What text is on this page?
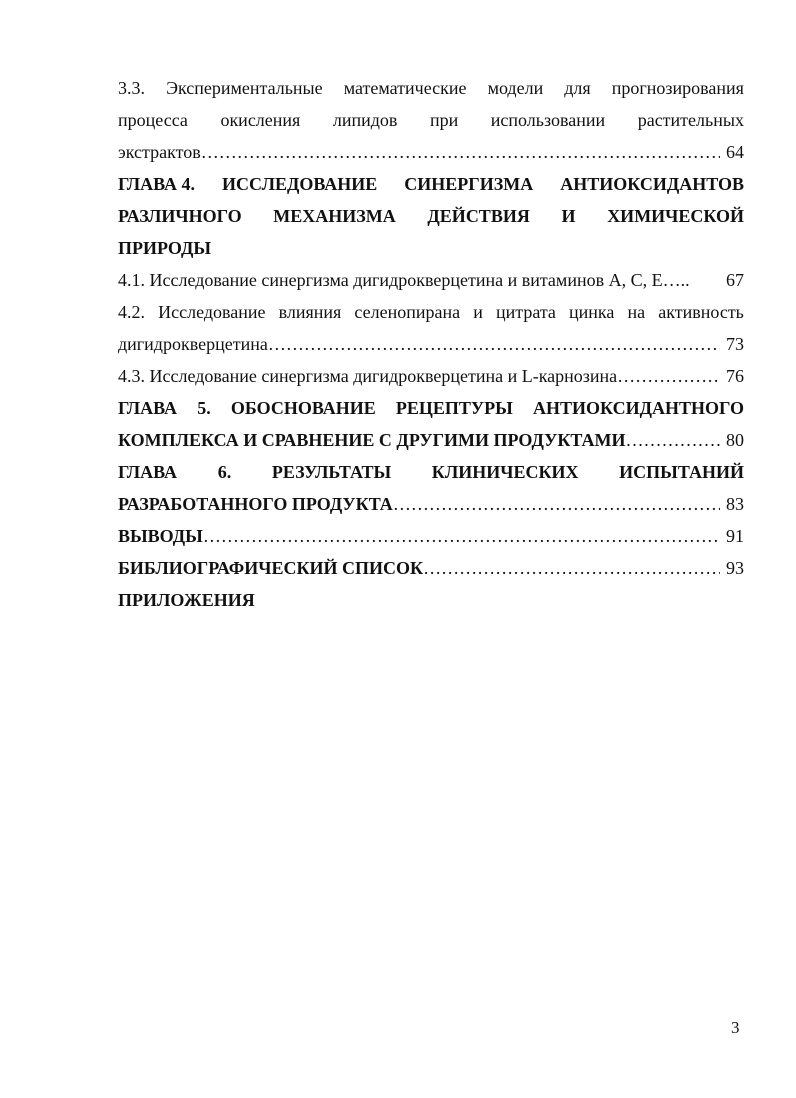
3.3. Экспериментальные математические модели для прогнозирования
процесса окисления липидов при использовании растительных
экстрактов …………………………………………………………………………………………………………………………………………………………	64
ГЛАВА 4. ИССЛЕДОВАНИЕ СИНЕРГИЗМА АНТИОКСИДАНТОВ
РАЗЛИЧНОГО МЕХАНИЗМА ДЕЙСТВИЯ И ХИМИЧЕСКОЙ
ПРИРОДЫ
4.1. Исследование синергизма дигидрокверцетина и витаминов А, С, Е…..	67
4.2. Исследование влияния селенопирана и цитрата цинка на активность
дигидрокверцетина …………………………………………………………………………………………………………………………………………………………	73
4.3. Исследование синергизма дигидрокверцетина и L-карнозина …………………………………………………………………………………………………………………………………………………………	76
ГЛАВА 5. ОБОСНОВАНИЕ РЕЦЕПТУРЫ АНТИОКСИДАНТНОГО
КОМПЛЕКСА И СРАВНЕНИЕ С ДРУГИМИ ПРОДУКТАМИ …………………………………………………………………………………………………………………………………………………………	80
ГЛАВА 6. РЕЗУЛЬТАТЫ КЛИНИЧЕСКИХ ИСПЫТАНИЙ
РАЗРАБОТАННОГО ПРОДУКТА …………………………………………………………………………………………………………………………………………………………	83
ВЫВОДЫ …………………………………………………………………………………………………………………………………………………………	91
БИБЛИОГРАФИЧЕСКИЙ СПИСОК …………………………………………………………………………………………………………………………………………………………	93
ПРИЛОЖЕНИЯ
3
